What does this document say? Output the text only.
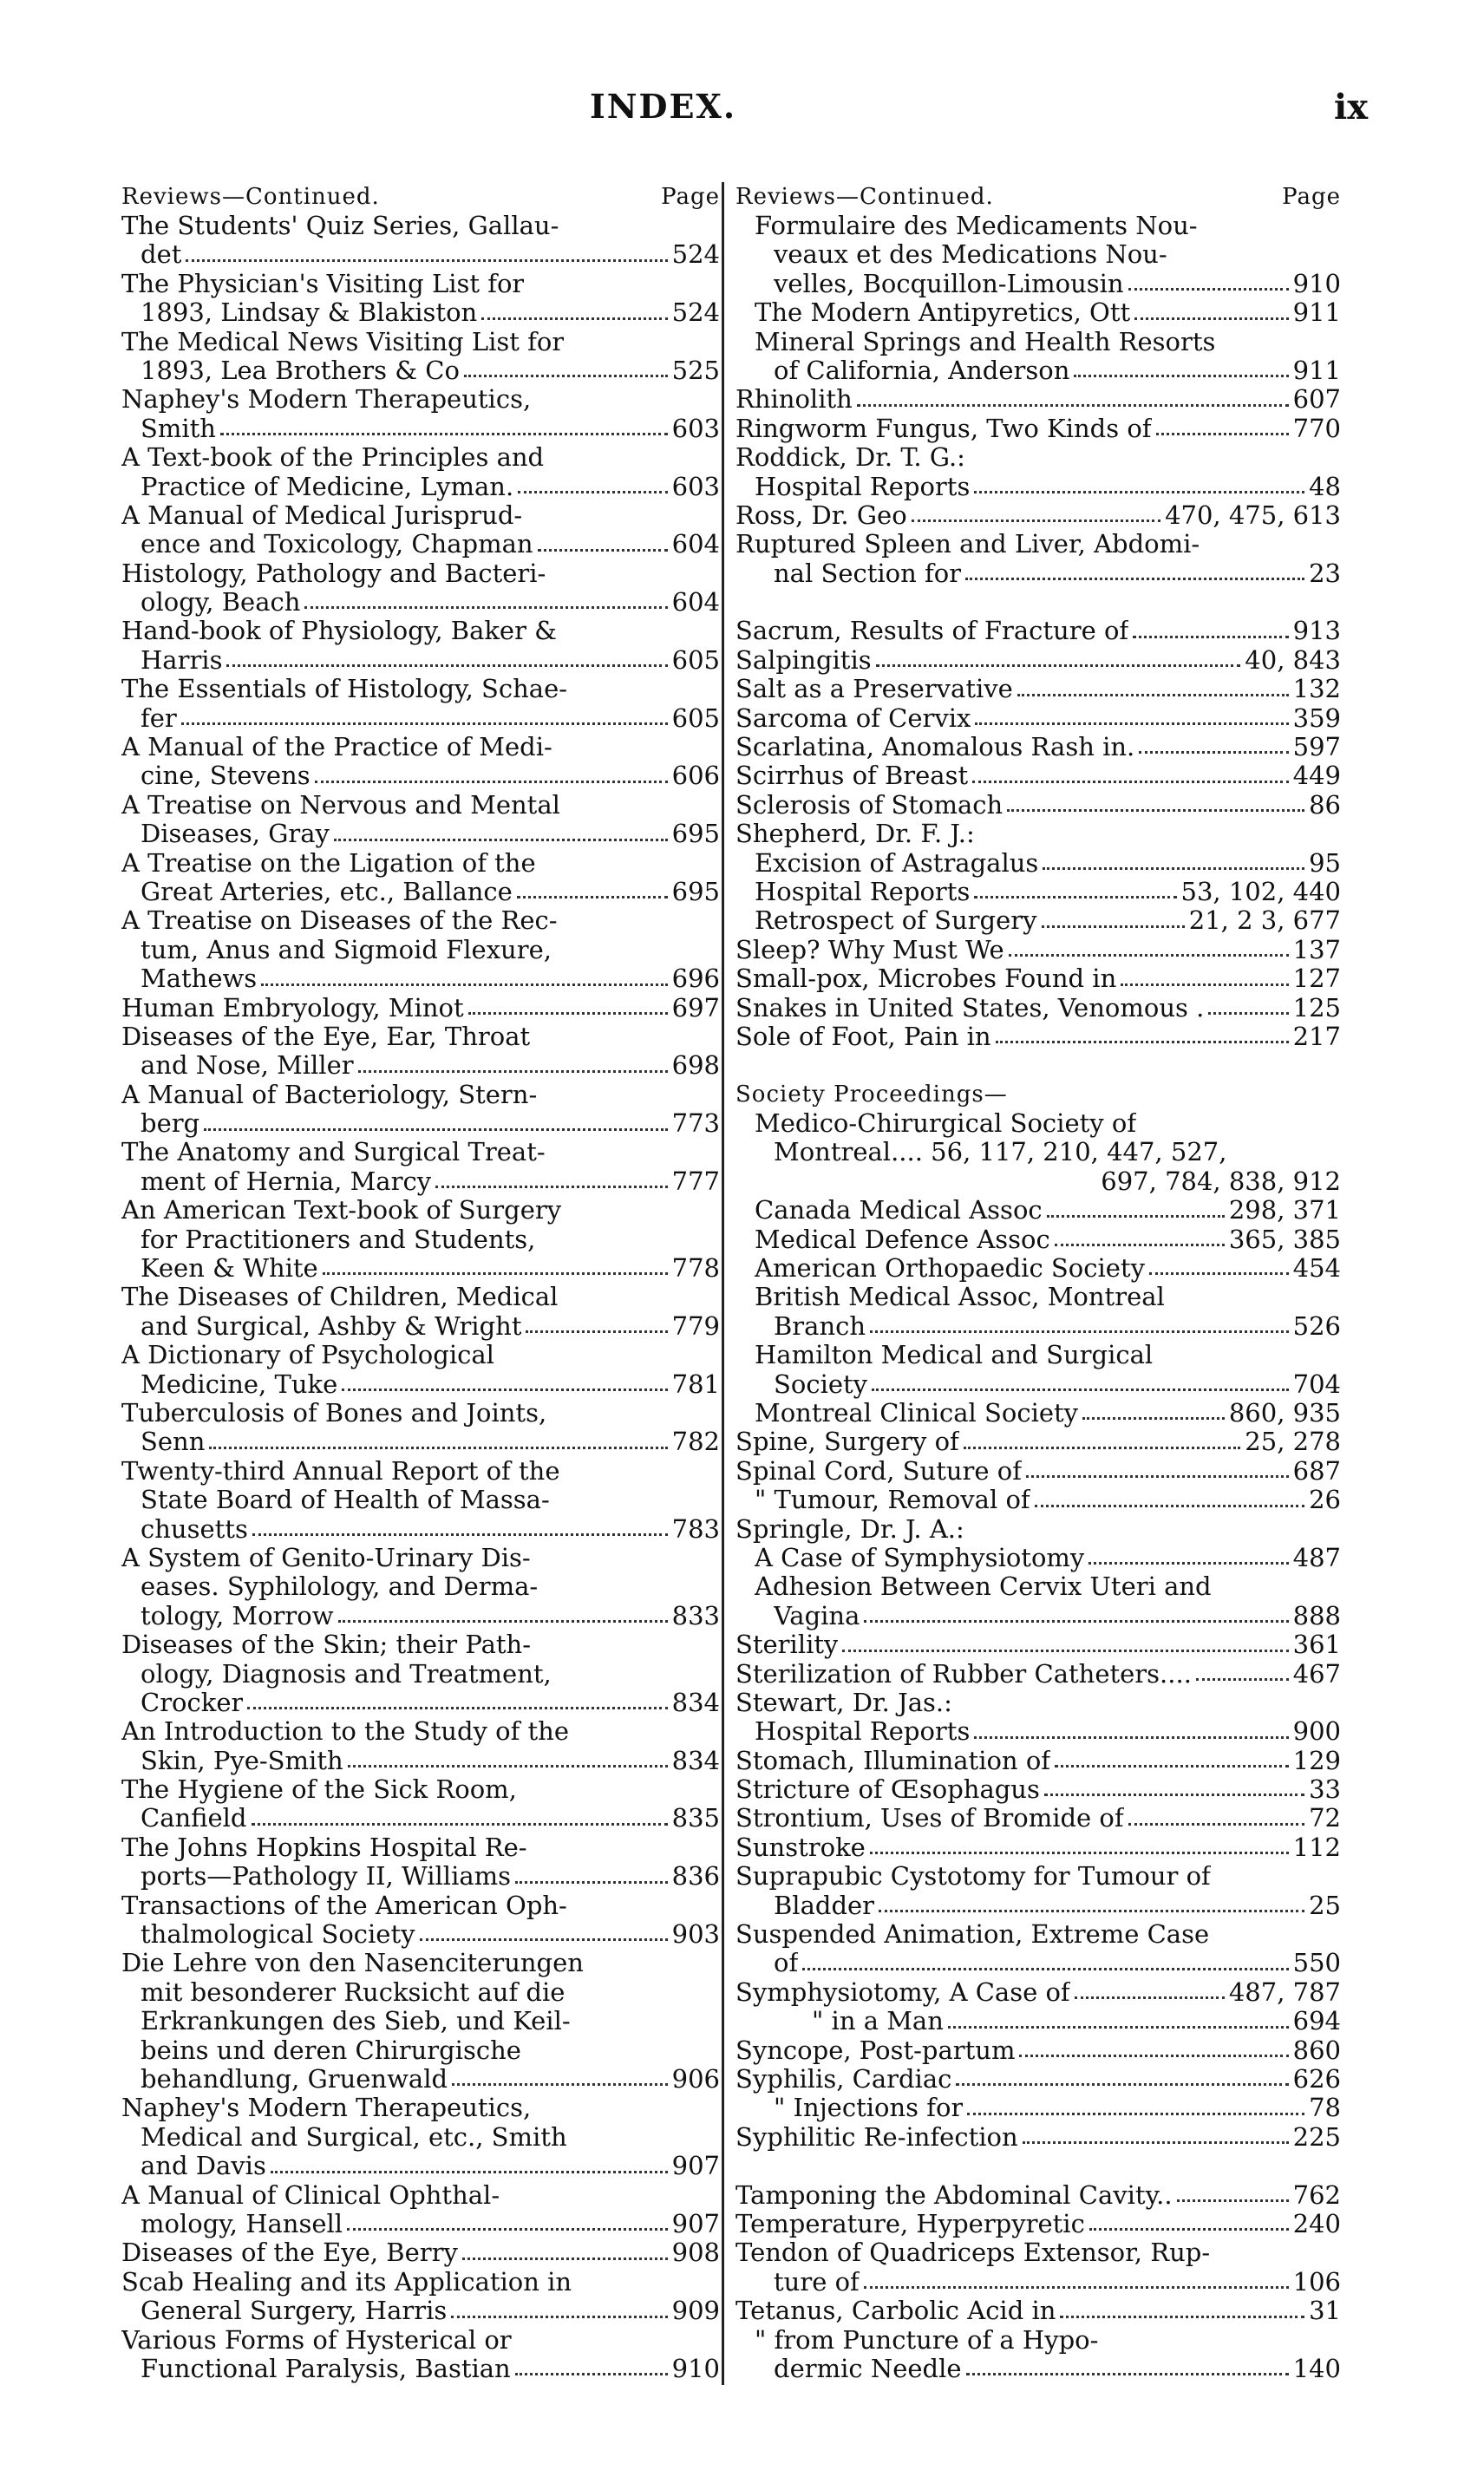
INDEX.	ix
Reviews—Continued.	Page
The Students' Quiz Series, Gallau-
det	524
The Physician's Visiting List for
1893, Lindsay & Blakiston	524
The Medical News Visiting List for
1893, Lea Brothers & Co	525
Naphey's Modern Therapeutics,
Smith	603
A Text-book of the Principles and
Practice of Medicine, Lyman.	603
A Manual of Medical Jurisprud-
ence and Toxicology, Chapman	604
Histology, Pathology and Bacteri-
ology, Beach	604
Hand-book of Physiology, Baker &
Harris	605
The Essentials of Histology, Schae-
fer	605
A Manual of the Practice of Medi-
cine, Stevens	606
A Treatise on Nervous and Mental
Diseases, Gray	695
A Treatise on the Ligation of the
Great Arteries, etc., Ballance	695
A Treatise on Diseases of the Rec-
tum, Anus and Sigmoid Flexure,
Mathews	696
Human Embryology, Minot	697
Diseases of the Eye, Ear, Throat
and Nose, Miller	698
A Manual of Bacteriology, Stern-
berg	773
The Anatomy and Surgical Treat-
ment of Hernia, Marcy	777
An American Text-book of Surgery
for Practitioners and Students,
Keen & White	778
The Diseases of Children, Medical
and Surgical, Ashby & Wright	779
A Dictionary of Psychological
Medicine, Tuke	781
Tuberculosis of Bones and Joints,
Senn	782
Twenty-third Annual Report of the
State Board of Health of Massa-
chusetts	783
A System of Genito-Urinary Dis-
eases. Syphilology, and Derma-
tology, Morrow	833
Diseases of the Skin; their Path-
ology, Diagnosis and Treatment,
Crocker	834
An Introduction to the Study of the
Skin, Pye-Smith	834
The Hygiene of the Sick Room,
Canfield	835
The Johns Hopkins Hospital Re-
ports—Pathology II, Williams	836
Transactions of the American Oph-
thalmological Society	903
Die Lehre von den Nasenciterungen
mit besonderer Rucksicht auf die
Erkrankungen des Sieb, und Keil-
beins und deren Chirurgische
behandlung, Gruenwald	906
Naphey's Modern Therapeutics,
Medical and Surgical, etc., Smith
and Davis	907
A Manual of Clinical Ophthal-
mology, Hansell	907
Diseases of the Eye, Berry	908
Scab Healing and its Application in
General Surgery, Harris	909
Various Forms of Hysterical or
Functional Paralysis, Bastian	910
Reviews—Continued.	Page
Formulaire des Medicaments Nou-
veaux et des Medications Nou-
velles, Bocquillon-Limousin	910
The Modern Antipyretics, Ott	911
Mineral Springs and Health Resorts
of California, Anderson	911
Rhinolith	607
Ringworm Fungus, Two Kinds of	770
Roddick, Dr. T. G.:
Hospital Reports	48
Ross, Dr. Geo	470, 475, 613
Ruptured Spleen and Liver, Abdomi-
nal Section for	23
Sacrum, Results of Fracture of	913
Salpingitis	40, 843
Salt as a Preservative	132
Sarcoma of Cervix	359
Scarlatina, Anomalous Rash in.	597
Scirrhus of Breast	449
Sclerosis of Stomach	86
Shepherd, Dr. F. J.:
Excision of Astragalus	95
Hospital Reports	53, 102, 440
Retrospect of Surgery	21, 2 3, 677
Sleep? Why Must We	137
Small-pox, Microbes Found in	127
Snakes in United States, Venomous .	125
Sole of Foot, Pain in	217
Society Proceedings—
Medico-Chirurgical Society of
Montreal.... 56, 117, 210, 447, 527,
697, 784, 838, 912
Canada Medical Assoc	298, 371
Medical Defence Assoc	365, 385
American Orthopaedic Society	454
British Medical Assoc, Montreal
Branch	526
Hamilton Medical and Surgical
Society	704
Montreal Clinical Society	860, 935
Spine, Surgery of	25, 278
Spinal Cord, Suture of	687
" Tumour, Removal of	26
Springle, Dr. J. A.:
A Case of Symphysiotomy	487
Adhesion Between Cervix Uteri and
Vagina	888
Sterility	361
Sterilization of Rubber Catheters....	467
Stewart, Dr. Jas.:
Hospital Reports	900
Stomach, Illumination of	129
Stricture of Œsophagus	33
Strontium, Uses of Bromide of	72
Sunstroke	112
Suprapubic Cystotomy for Tumour of
Bladder	25
Suspended Animation, Extreme Case
of	550
Symphysiotomy, A Case of	487, 787
" in a Man	694
Syncope, Post-partum	860
Syphilis, Cardiac	626
" Injections for	78
Syphilitic Re-infection	225
Tamponing the Abdominal Cavity..	762
Temperature, Hyperpyretic	240
Tendon of Quadriceps Extensor, Rup-
ture of	106
Tetanus, Carbolic Acid in	31
" from Puncture of a Hypo-
dermic Needle	140
